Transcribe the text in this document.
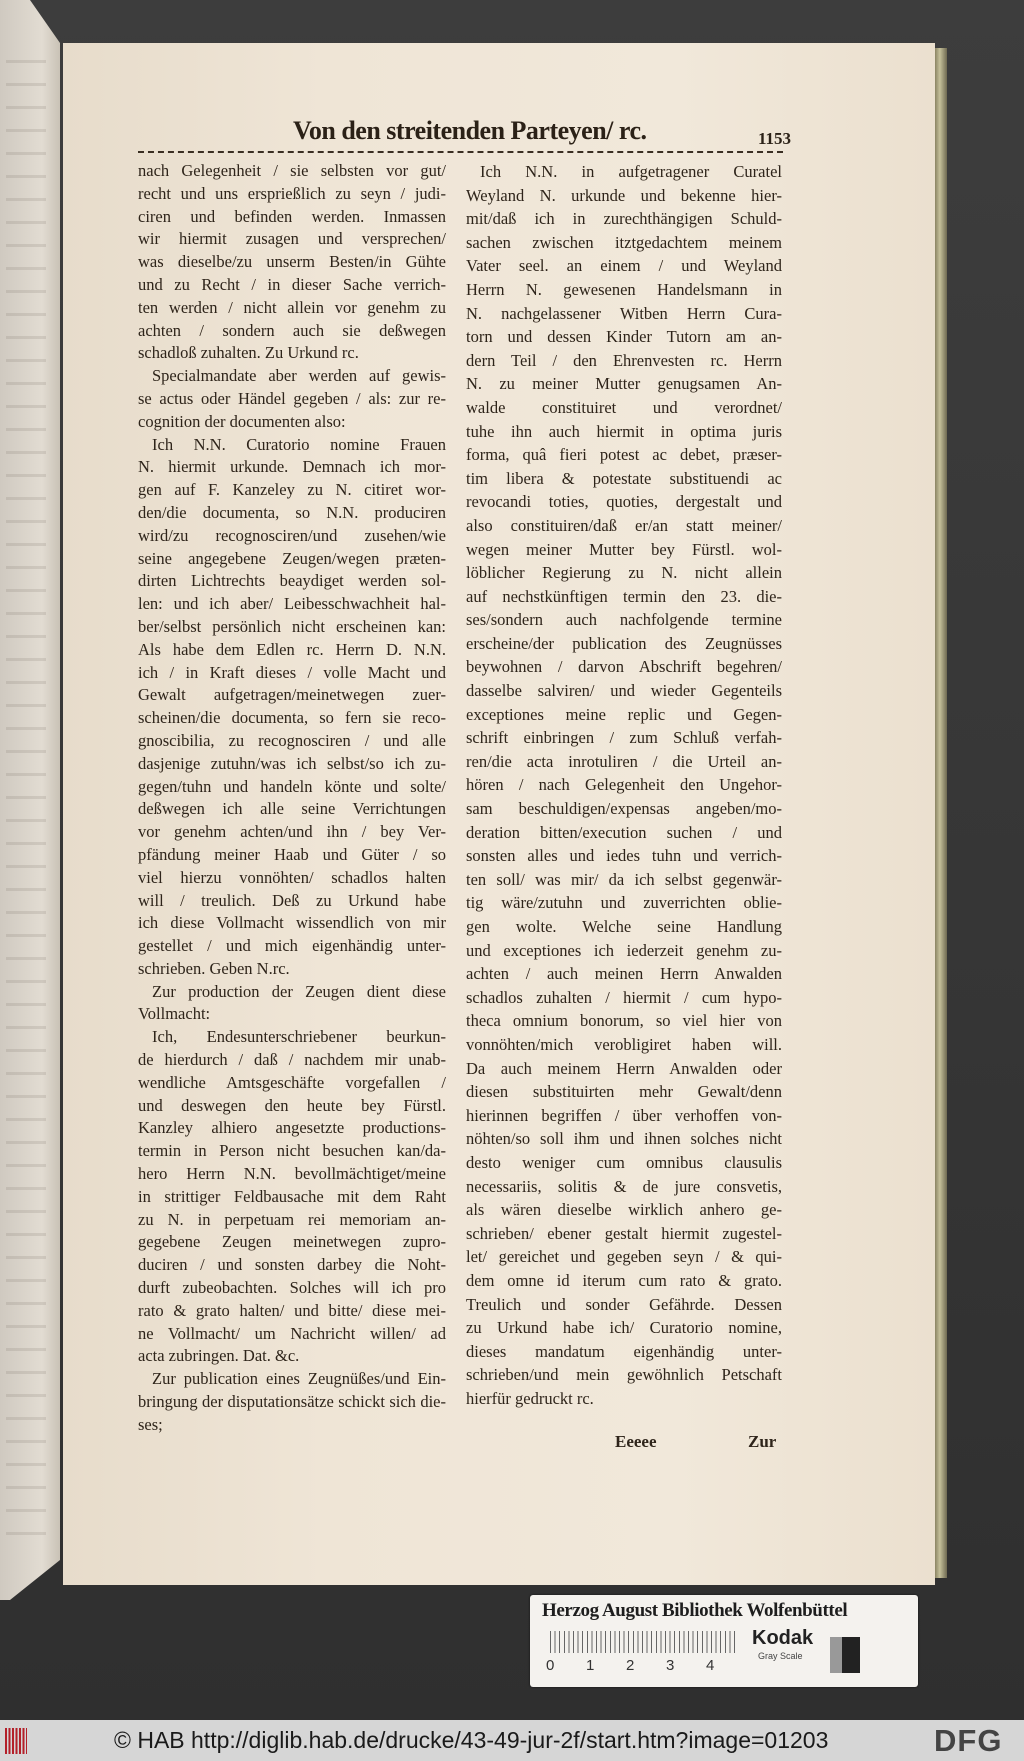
Von den streitenden Parteyen/ rc.	1153
nach Gelegenheit / sie selbsten vor gut/
recht und uns ersprießlich zu seyn / judi-
ciren und befinden werden. Inmassen
wir hiermit zusagen und versprechen/
was dieselbe/zu unserm Besten/in Gühte
und zu Recht / in dieser Sache verrich-
ten werden / nicht allein vor genehm zu
achten / sondern auch sie deßwegen
schadloß zuhalten. Zu Urkund rc.
Specialmandate aber werden auf gewis-
se actus oder Händel gegeben / als: zur re-
cognition der documenten also:
Ich N.N. Curatorio nomine Frauen
N. hiermit urkunde. Demnach ich mor-
gen auf F. Kanzeley zu N. citiret wor-
den/die documenta, so N.N. produciren
wird/zu recognosciren/und zusehen/wie
seine angegebene Zeugen/wegen præten-
dirten Lichtrechts beaydiget werden sol-
len: und ich aber/ Leibesschwachheit hal-
ber/selbst persönlich nicht erscheinen kan:
Als habe dem Edlen rc. Herrn D. N.N.
ich / in Kraft dieses / volle Macht und
Gewalt aufgetragen/meinetwegen zuer-
scheinen/die documenta, so fern sie reco-
gnoscibilia, zu recognosciren / und alle
dasjenige zutuhn/was ich selbst/so ich zu-
gegen/tuhn und handeln könte und solte/
deßwegen ich alle seine Verrichtungen
vor genehm achten/und ihn / bey Ver-
pfändung meiner Haab und Güter / so
viel hierzu vonnöhten/ schadlos halten
will / treulich. Deß zu Urkund habe
ich diese Vollmacht wissendlich von mir
gestellet / und mich eigenhändig unter-
schrieben. Geben N.rc.
Zur production der Zeugen dient diese
Vollmacht:
Ich, Endesunterschriebener beurkun-
de hierdurch / daß / nachdem mir unab-
wendliche Amtsgeschäfte vorgefallen /
und deswegen den heute bey Fürstl.
Kanzley alhiero angesetzte productions-
termin in Person nicht besuchen kan/da-
hero Herrn N.N. bevollmächtiget/meine
in strittiger Feldbausache mit dem Raht
zu N. in perpetuam rei memoriam an-
gegebene Zeugen meinetwegen zupro-
duciren / und sonsten darbey die Noht-
durft zubeobachten. Solches will ich pro
rato & grato halten/ und bitte/ diese mei-
ne Vollmacht/ um Nachricht willen/ ad
acta zubringen. Dat. &c.
Zur publication eines Zeugnüßes/und Ein-
bringung der disputationsätze schickt sich die-
ses;
Ich N.N. in aufgetragener Curatel
Weyland N. urkunde und bekenne hier-
mit/daß ich in zurechthängigen Schuld-
sachen zwischen itztgedachtem meinem
Vater seel. an einem / und Weyland
Herrn N. gewesenen Handelsmann in
N. nachgelassener Witben Herrn Cura-
torn und dessen Kinder Tutorn am an-
dern Teil / den Ehrenvesten rc. Herrn
N. zu meiner Mutter genugsamen An-
walde constituiret und verordnet/
tuhe ihn auch hiermit in optima juris
forma, quâ fieri potest ac debet, præser-
tim libera & potestate substituendi ac
revocandi toties, quoties, dergestalt und
also constituiren/daß er/an statt meiner/
wegen meiner Mutter bey Fürstl. wol-
löblicher Regierung zu N. nicht allein
auf nechstkünftigen termin den 23. die-
ses/sondern auch nachfolgende termine
erscheine/der publication des Zeugnüsses
beywohnen / darvon Abschrift begehren/
dasselbe salviren/ und wieder Gegenteils
exceptiones meine replic und Gegen-
schrift einbringen / zum Schluß verfah-
ren/die acta inrotuliren / die Urteil an-
hören / nach Gelegenheit den Ungehor-
sam beschuldigen/expensas angeben/mo-
deration bitten/execution suchen / und
sonsten alles und iedes tuhn und verrich-
ten soll/ was mir/ da ich selbst gegenwär-
tig wäre/zutuhn und zuverrichten oblie-
gen wolte. Welche seine Handlung
und exceptiones ich iederzeit genehm zu-
achten / auch meinen Herrn Anwalden
schadlos zuhalten / hiermit / cum hypo-
theca omnium bonorum, so viel hier von
vonnöhten/mich verobligiret haben will.
Da auch meinem Herrn Anwalden oder
diesen substituirten mehr Gewalt/denn
hierinnen begriffen / über verhoffen von-
nöhten/so soll ihm und ihnen solches nicht
desto weniger cum omnibus clausulis
necessariis, solitis & de jure consvetis,
als wären dieselbe wirklich anhero ge-
schrieben/ ebener gestalt hiermit zugestel-
let/ gereichet und gegeben seyn / & qui-
dem omne id iterum cum rato & grato.
Treulich und sonder Gefährde. Dessen
zu Urkund habe ich/ Curatorio nomine,
dieses mandatum eigenhändig unter-
schrieben/und mein gewöhnlich Petschaft
hierfür gedruckt rc.
Eeeee	Zur
Herzog August Bibliothek Wolfenbüttel
0	1	2	3	4
Kodak
Gray Scale
© HAB http://diglib.hab.de/drucke/43-49-jur-2f/start.htm?image=01203	DFG
